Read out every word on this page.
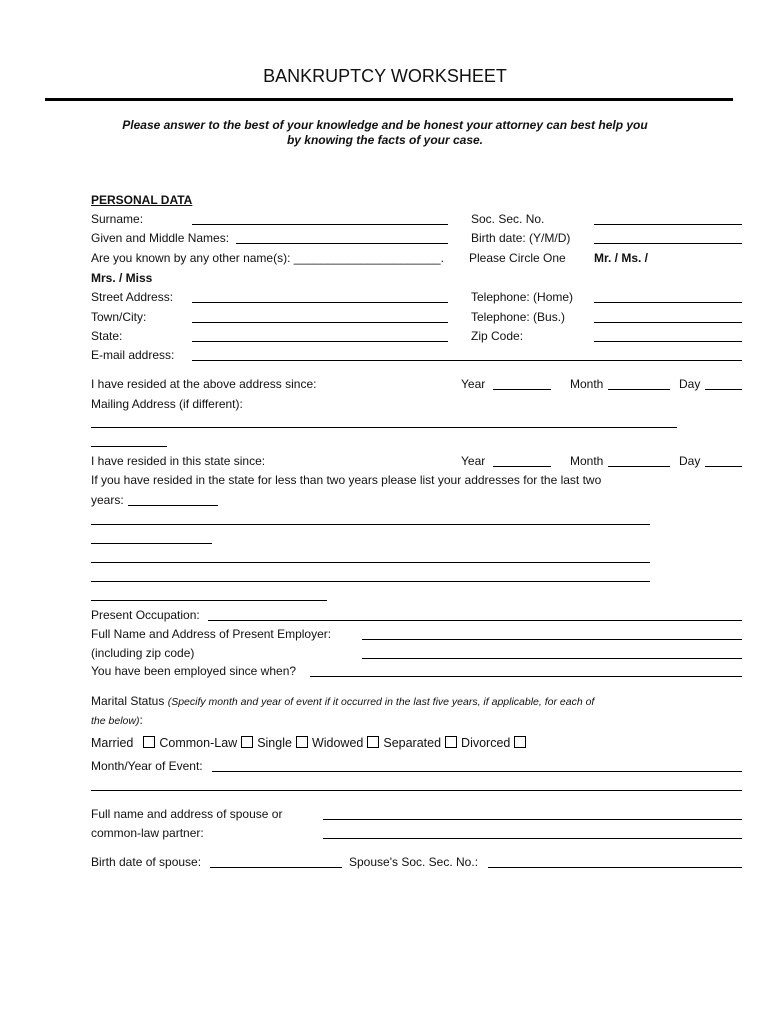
BANKRUPTCY WORKSHEET
Please answer to the best of your knowledge and be honest your attorney can best help you
by knowing the facts of your case.
PERSONAL DATA
Surname:	Soc. Sec. No.
Given and Middle Names:	Birth date: (Y/M/D)
Are you known by any other name(s): ______________________. Please Circle One Mr. / Ms. /
Mrs. / Miss
Street Address:	Telephone: (Home)
Town/City:	Telephone: (Bus.)
State:	Zip Code:
E-mail address:
I have resided at the above address since:	Year	Month	Day
Mailing Address (if different):
I have resided in this state since:	Year	Month	Day
If you have resided in the state for less than two years please list your addresses for the last two
years:
Present Occupation:
Full Name and Address of Present Employer:
(including zip code)
You have been employed since when?
Marital Status (Specify month and year of event if it occurred in the last five years, if applicable, for each of
the below):
Married Common-Law Single Widowed Separated Divorced
Month/Year of Event:
Full name and address of spouse or
common-law partner:
Birth date of spouse:	Spouse's Soc. Sec. No.:
